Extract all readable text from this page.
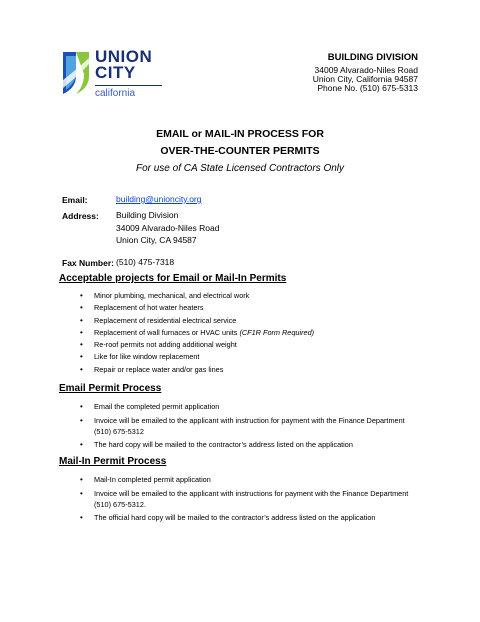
UNION
CITY
california
BUILDING DIVISION
34009 Alvarado-Niles Road
Union City, California 94587
Phone No. (510) 675-5313
EMAIL or MAIL-IN PROCESS FOR
OVER-THE-COUNTER PERMITS
For use of CA State Licensed Contractors Only
Email:	building@unioncity.org
Address: Building Division
34009 Alvarado-Niles Road
Union City, CA 94587
Fax Number: (510) 475-7318
Acceptable projects for Email or Mail-In Permits
• Minor plumbing, mechanical, and electrical work
• Replacement of hot water heaters
• Replacement of residential electrical service
• Replacement of wall furnaces or HVAC units (CF1R Form Required)
• Re-roof permits not adding additional weight
• Like for like window replacement
• Repair or replace water and/or gas lines
Email Permit Process
• Email the completed permit application
• Invoice will be emailed to the applicant with instruction for payment with the Finance Department (510) 675-5312
• The hard copy will be mailed to the contractor’s address listed on the application
Mail-In Permit Process
• Mail-In completed permit application
• Invoice will be emailed to the applicant with instructions for payment with the Finance Department (510) 675-5312.
• The official hard copy will be mailed to the contractor’s address listed on the application
